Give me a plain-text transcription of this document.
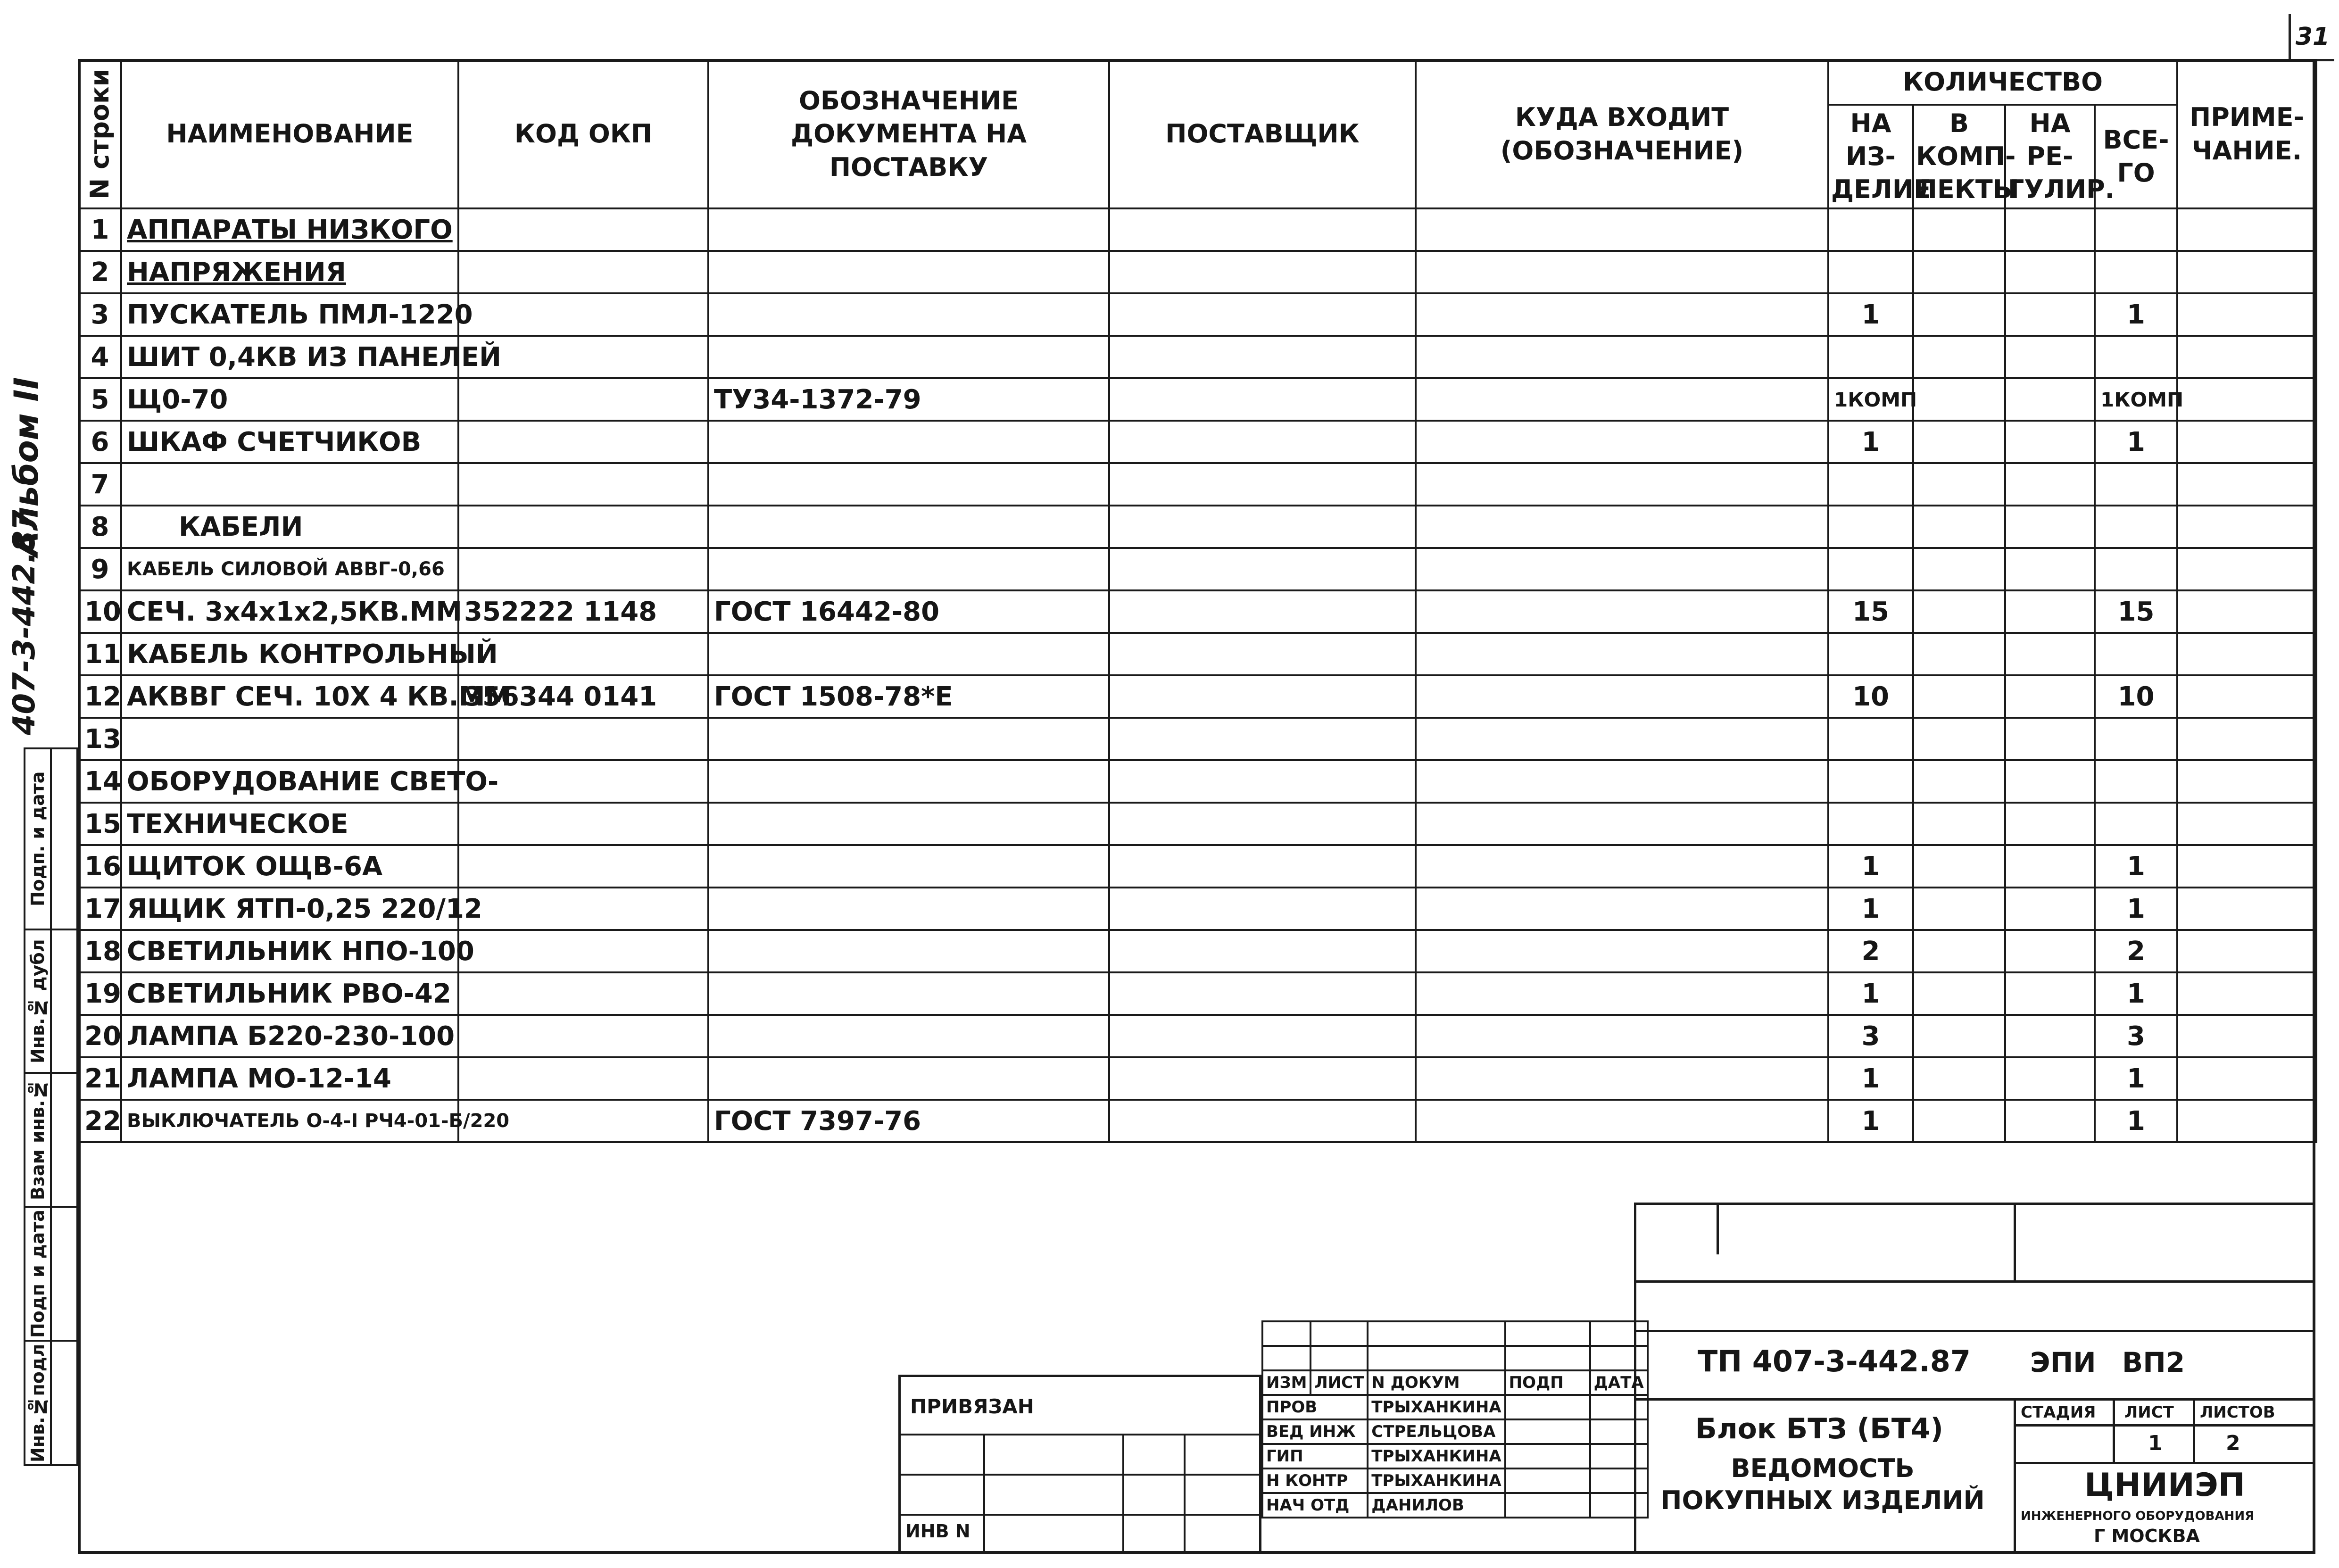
31
Альбом II
407-3-442.87
Подп. и дата	
Инв.№ дубл	
Взам инв.№	
Подп и дата	
Инв.№подл	
N строки	НАИМЕНОВАНИЕ	КОД ОКП	ОБОЗНАЧЕНИЕ ДОКУМЕНТА НА ПОСТАВКУ	ПОСТАВЩИК	КУДА ВХОДИТ (ОБОЗНАЧЕНИЕ)	КОЛИЧЕСТВО				ПРИМЕ-ЧАНИЕ.
						НА ИЗ-ДЕЛИЕ	В КОМП-ЛЕКТЫ	НА РЕ-ГУЛИР.	ВСЕ-ГО	
1	АППАРАТЫ НИЗКОГО									
2	НАПРЯЖЕНИЯ									
3	ПУСКАТЕЛЬ ПМЛ-1220					1			1	
4	ШИТ 0,4КВ ИЗ ПАНЕЛЕЙ									
5	Щ0-70		ТУ34-1372-79			1КОМП			1КОМП	
6	ШКАФ СЧЕТЧИКОВ					1			1	
7										
8	КАБЕЛИ									
9	КАБЕЛЬ СИЛОВОЙ АВВГ-0,66									
10	СЕЧ. 3х4х1х2,5КВ.ММ	352222 1148	ГОСТ 16442-80			15			15	
11	КАБЕЛЬ КОНТРОЛЬНЫЙ									
12	АКВВГ СЕЧ. 10Х 4 КВ.ММ	356344 0141	ГОСТ 1508-78*Е			10			10	
13										
14	ОБОРУДОВАНИЕ СВЕТО-									
15	ТЕХНИЧЕСКОЕ									
16	ЩИТОК ОЩВ-6А					1			1	
17	ЯЩИК ЯТП-0,25 220/12					1			1	
18	СВЕТИЛЬНИК НПО-100					2			2	
19	СВЕТИЛЬНИК РВО-42					1			1	
20	ЛАМПА Б220-230-100					3			3	
21	ЛАМПА МО-12-14					1			1	
22	ВЫКЛЮЧАТЕЛЬ О-4-I РЧ4-01-Б/220		ГОСТ 7397-76			1			1	
ТП 407-3-442.87 ЭПИ ВП2
Блок БТЗ (БТ4)
ВЕДОМОСТЬ ПОКУПНЫХ ИЗДЕЛИЙ
СТАДИЯ ЛИСТ ЛИСТОВ
1	2
ЦНИИЭП
ИНЖЕНЕРНОГО ОБОРУДОВАНИЯ
Г МОСКВА
ПРИВЯЗАН
ИНВ N

ИЗМ	ЛИСТ	N ДОКУМ	ПОДП	ДАТА
ПРОВ		ТРЫХАНКИНА		
ВЕД ИНЖ		СТРЕЛЬЦОВА		
ГИП		ТРЫХАНКИНА		
Н КОНТР		ТРЫХАНКИНА		
НАЧ ОТД		ДАНИЛОВ		
